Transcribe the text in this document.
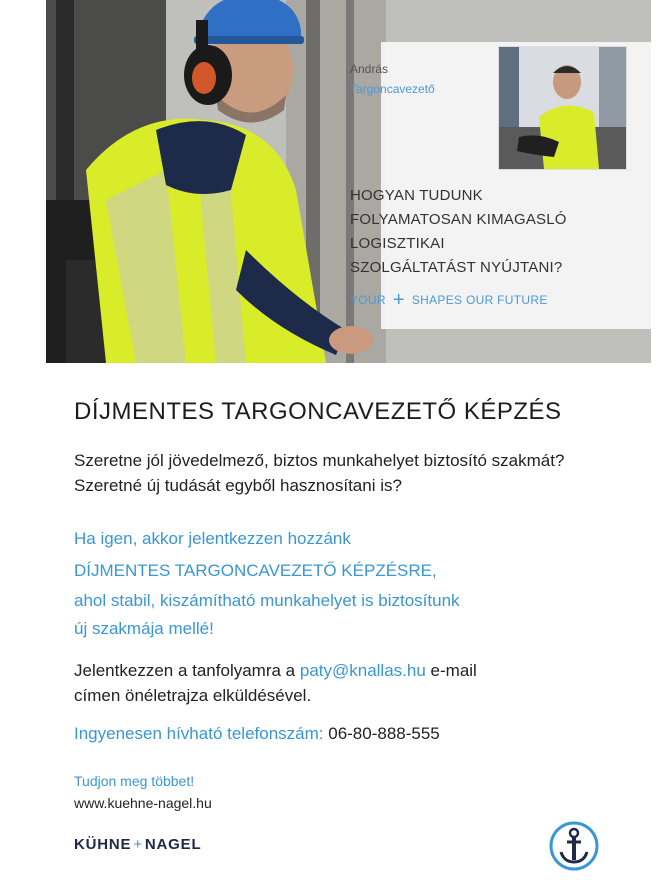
András
Targoncavezető
HOGYAN TUDUNK
FOLYAMATOSAN KIMAGASLÓ
LOGISZTIKAI
SZOLGÁLTATÁST NYÚJTANI?
YOUR + SHAPES OUR FUTURE
DÍJMENTES TARGONCAVEZETŐ KÉPZÉS
Szeretne jól jövedelmező, biztos munkahelyet biztosító szakmát?
Szeretné új tudását egyből hasznosítani is?
Ha igen, akkor jelentkezzen hozzánk
DÍJMENTES TARGONCAVEZETŐ KÉPZÉSRE,
ahol stabil, kiszámítható munkahelyet is biztosítunk
új szakmája mellé!
Jelentkezzen a tanfolyamra a paty@knallas.hu e-mail
címen önéletrajza elküldésével.
Ingyenesen hívható telefonszám: 06-80-888-555
Tudjon meg többet!
www.kuehne-nagel.hu
KÜHNE + NAGEL
